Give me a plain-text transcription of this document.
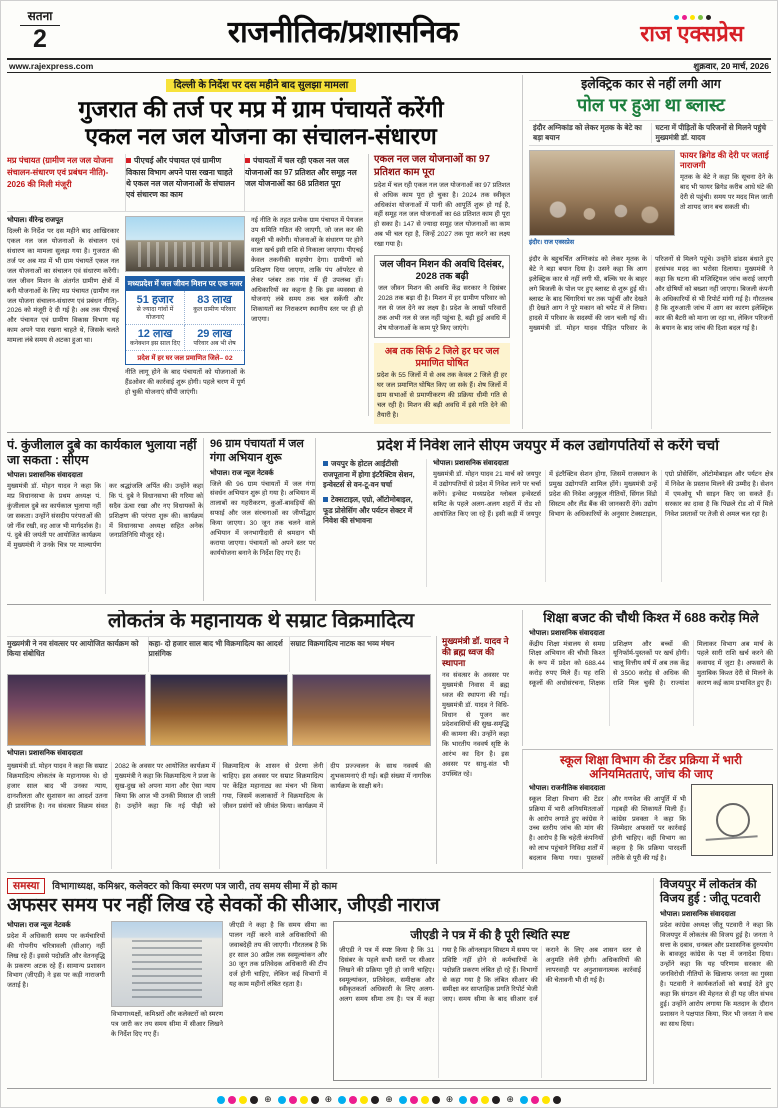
सतना
2	राजनीतिक/प्रशासनिक	राज एक्सप्रेस
www.rajexpress.com	शुक्रवार, 20 मार्च, 2026
दिल्ली के निर्देश पर दस महीने बाद सुलझा मामला
गुजरात की तर्ज पर मप्र में ग्राम पंचायतें करेंगी
एकल नल जल योजना का संचालन-संधारण
मप्र पंचायत (ग्रामीण नल जल योजना संचालन-संधारण एवं प्रबंधन नीति)- 2026 की मिली मंजूरी
पीएचई और पंचायत एवं ग्रामीण विकास विभाग अपने पास रखना चाहते थे एकल नल जल योजनाओं के संचालन एवं संधारण का काम
पंचायतों में चल रही एकल नल जल योजनाओं का 97 प्रतिशत और समूह नल जल योजनाओं का 68 प्रतिशत पूरा
भोपाल। वीरेन्द्र राजपूत
दिल्ली के निर्देश पर दस महीने बाद आखिरकार एकल नल जल योजनाओं के संचालन एवं संधारण का मामला सुलझ गया है। गुजरात की तर्ज पर अब मप्र में भी ग्राम पंचायतें एकल नल जल योजनाओं का संचालन एवं संधारण करेंगी। जल जीवन मिशन के अंतर्गत ग्रामीण क्षेत्रों में बनी योजनाओं के लिए मप्र पंचायत (ग्रामीण नल जल योजना संचालन-संधारण एवं प्रबंधन नीति)- 2026 को मंजूरी दे दी गई है। अब तक पीएचई और पंचायत एवं ग्रामीण विकास विभाग यह काम अपने पास रखना चाहते थे, जिसके चलते मामला लंबे समय से अटका हुआ था।
मध्यप्रदेश में जल जीवन मिशन पर एक नजर
51 हजार
से ज्यादा गांवों में योजनाएं
83 लाख
कुल ग्रामीण परिवार
12 लाख
कनेक्शन इस साल दिए
29 लाख
परिवार अब भी शेष
प्रदेश में हर घर जल प्रमाणित जिले– 02
नीति लागू होने के बाद पंचायतों को योजनाओं के हैंडओवर की कार्रवाई शुरू होगी। पहले चरण में पूर्ण हो चुकी योजनाएं सौंपी जाएंगी।
नई नीति के तहत प्रत्येक ग्राम पंचायत में पेयजल उप समिति गठित की जाएगी, जो जल कर की वसूली भी करेगी। योजनाओं के संधारण पर होने वाला खर्च इसी राशि से निकाला जाएगा। पीएचई केवल तकनीकी सहयोग देगा। ग्रामीणों को प्रशिक्षण दिया जाएगा, ताकि पंप ऑपरेटर से लेकर प्लंबर तक गांव में ही उपलब्ध हों। अधिकारियों का कहना है कि इस व्यवस्था से योजनाएं लंबे समय तक चल सकेंगी और शिकायतों का निराकरण स्थानीय स्तर पर ही हो जाएगा।
एकल नल जल योजनाओं का 97 प्रतिशत काम पूरा
प्रदेश में चल रही एकल नल जल योजनाओं का 97 प्रतिशत से अधिक काम पूरा हो चुका है। 2024 तक स्वीकृत अधिकांश योजनाओं में पानी की आपूर्ति शुरू हो गई है, वहीं समूह नल जल योजनाओं का 68 प्रतिशत काम ही पूरा हो सका है। 147 से ज्यादा समूह जल योजनाओं का काम अब भी चल रहा है, जिन्हें 2027 तक पूरा करने का लक्ष्य रखा गया है।
जल जीवन मिशन की अवधि दिसंबर, 2028 तक बढ़ी
जल जीवन मिशन की अवधि केंद्र सरकार ने दिसंबर 2028 तक बढ़ा दी है। मिशन में हर ग्रामीण परिवार को नल से जल देने का लक्ष्य है। प्रदेश के लाखों परिवारों तक अभी नल से जल नहीं पहुंचा है, बढ़ी हुई अवधि में शेष योजनाओं के काम पूरे किए जाएंगे।
अब तक सिर्फ 2 जिले हर घर जल प्रमाणित घोषित
प्रदेश के 55 जिलों में से अब तक केवल 2 जिले ही हर घर जल प्रमाणित घोषित किए जा सके हैं। शेष जिलों में ग्राम सभाओं से प्रमाणीकरण की प्रक्रिया धीमी गति से चल रही है। मिशन की बढ़ी अवधि में इसे गति देने की तैयारी है।
इलेक्ट्रिक कार से नहीं लगी आग
पोल पर हुआ था ब्लास्ट
इंदौर अग्निकांड को लेकर मृतक के बेटे का बड़ा बयान
घटना में पीड़ितों के परिजनों से मिलने पहुंचे मुख्यमंत्री डॉ. यादव
इंदौर। राज एक्सप्रेस
फायर ब्रिगेड की देरी पर जताई नाराजगी
मृतक के बेटे ने कहा कि सूचना देने के बाद भी फायर ब्रिगेड करीब आधे घंटे की देरी से पहुंची। समय पर मदद मिल जाती तो शायद जान बच सकती थी।
इंदौर के बहुचर्चित अग्निकांड को लेकर मृतक के बेटे ने बड़ा बयान दिया है। उसने कहा कि आग इलेक्ट्रिक कार से नहीं लगी थी, बल्कि घर के बाहर लगे बिजली के पोल पर हुए ब्लास्ट से शुरू हुई थी। ब्लास्ट के बाद चिंगारियां घर तक पहुंचीं और देखते ही देखते आग ने पूरे मकान को चपेट में ले लिया। हादसे में परिवार के सदस्यों की जान चली गई थी। मुख्यमंत्री डॉ. मोहन यादव पीड़ित परिवार के परिजनों से मिलने पहुंचे। उन्होंने ढांढस बंधाते हुए हरसंभव मदद का भरोसा दिलाया। मुख्यमंत्री ने कहा कि घटना की मजिस्ट्रियल जांच कराई जाएगी और दोषियों को बख्शा नहीं जाएगा। बिजली कंपनी के अधिकारियों से भी रिपोर्ट मांगी गई है। गौरतलब है कि शुरुआती जांच में आग का कारण इलेक्ट्रिक कार की बैटरी को माना जा रहा था, लेकिन परिजनों के बयान के बाद जांच की दिशा बदल गई है।
पं. कुंजीलाल दुबे का कार्यकाल भुलाया नहीं जा सकता : सीएम
भोपाल। प्रशासनिक संवाददाता
मुख्यमंत्री डॉ. मोहन यादव ने कहा कि मप्र विधानसभा के प्रथम अध्यक्ष पं. कुंजीलाल दुबे का कार्यकाल भुलाया नहीं जा सकता। उन्होंने संसदीय परंपराओं की जो नींव रखी, वह आज भी मार्गदर्शक है। पं. दुबे की जयंती पर आयोजित कार्यक्रम में मुख्यमंत्री ने उनके चित्र पर माल्यार्पण कर श्रद्धांजलि अर्पित की। उन्होंने कहा कि पं. दुबे ने विधानसभा की गरिमा को सदैव ऊंचा रखा और नए विधायकों के प्रशिक्षण की परंपरा शुरू की। कार्यक्रम में विधानसभा अध्यक्ष सहित अनेक जनप्रतिनिधि मौजूद रहे।
96 ग्राम पंचायतों में जल गंगा अभियान शुरू
भोपाल। राज न्यूज नेटवर्क
जिले की 96 ग्राम पंचायतों में जल गंगा संवर्धन अभियान शुरू हो गया है। अभियान में तालाबों का गहरीकरण, कुओं-बावड़ियों की सफाई और जल संरचनाओं का जीर्णोद्धार किया जाएगा। 30 जून तक चलने वाले अभियान में जनभागीदारी से श्रमदान भी कराया जाएगा। पंचायतों को अपने स्तर पर कार्ययोजना बनाने के निर्देश दिए गए हैं।
प्रदेश में निवेश लाने सीएम जयपुर में कल उद्योगपतियों से करेंगे चर्चा
जयपुर के होटल आईटीसी राजपूताना में होगा इंटरैक्टिव सेशन, इन्वेस्टर्स से वन-टू-वन चर्चा
टेक्सटाइल, एग्रो, ऑटोमोबाइल, फूड प्रोसेसिंग और पर्यटन सेक्टर में निवेश की संभावना
भोपाल। प्रशासनिक संवाददाता
मुख्यमंत्री डॉ. मोहन यादव 21 मार्च को जयपुर में उद्योगपतियों से प्रदेश में निवेश लाने पर चर्चा करेंगे। इन्वेस्ट मध्यप्रदेश ग्लोबल इन्वेस्टर्स समिट के पहले अलग-अलग शहरों में रोड शो आयोजित किए जा रहे हैं। इसी कड़ी में जयपुर में इंटरैक्टिव सेशन होगा, जिसमें राजस्थान के प्रमुख उद्योगपति शामिल होंगे। मुख्यमंत्री उन्हें प्रदेश की निवेश अनुकूल नीतियों, सिंगल विंडो सिस्टम और लैंड बैंक की जानकारी देंगे। उद्योग विभाग के अधिकारियों के अनुसार टेक्सटाइल, एग्रो प्रोसेसिंग, ऑटोमोबाइल और पर्यटन क्षेत्र में निवेश के प्रस्ताव मिलने की उम्मीद है। सेशन में एमओयू भी साइन किए जा सकते हैं। सरकार का दावा है कि पिछले रोड शो में मिले निवेश प्रस्तावों पर तेजी से अमल चल रहा है।
लोकतंत्र के महानायक थे सम्राट विक्रमादित्य
मुख्यमंत्री ने नव संवत्सर पर आयोजित कार्यक्रम को किया संबोधित
कहा- दो हजार साल बाद भी विक्रमादित्य का आदर्श प्रासंगिक
सम्राट विक्रमादित्य नाटक का भव्य मंचन
भोपाल। प्रशासनिक संवाददाता
मुख्यमंत्री डॉ. मोहन यादव ने कहा कि सम्राट विक्रमादित्य लोकतंत्र के महानायक थे। दो हजार साल बाद भी उनका न्याय, दानशीलता और सुशासन का आदर्श उतना ही प्रासंगिक है। नव संवत्सर विक्रम संवत 2082 के अवसर पर आयोजित कार्यक्रम में मुख्यमंत्री ने कहा कि विक्रमादित्य ने प्रजा के सुख-दुख को अपना माना और ऐसा न्याय किया कि आज भी उनकी मिसाल दी जाती है। उन्होंने कहा कि नई पीढ़ी को विक्रमादित्य के शासन से प्रेरणा लेनी चाहिए। इस अवसर पर सम्राट विक्रमादित्य पर केंद्रित महानाट्य का मंचन भी किया गया, जिसमें कलाकारों ने विक्रमादित्य के जीवन प्रसंगों को जीवंत किया। कार्यक्रम में दीप प्रज्ज्वलन के साथ नववर्ष की शुभकामनाएं दी गईं। बड़ी संख्या में नागरिक कार्यक्रम के साक्षी बने।
मुख्यमंत्री डॉ. यादव ने की ब्रह्म ध्वज की स्थापना
नव संवत्सर के अवसर पर मुख्यमंत्री निवास में ब्रह्म ध्वज की स्थापना की गई। मुख्यमंत्री डॉ. यादव ने विधि-विधान से पूजन कर प्रदेशवासियों की सुख-समृद्धि की कामना की। उन्होंने कहा कि भारतीय नववर्ष सृष्टि के आरंभ का दिन है। इस अवसर पर साधु-संत भी उपस्थित रहे।
शिक्षा बजट की चौथी किश्त में 688 करोड़ मिले
भोपाल। प्रशासनिक संवाददाता
केंद्रीय शिक्षा मंत्रालय से समग्र शिक्षा अभियान की चौथी किश्त के रूप में प्रदेश को 688.44 करोड़ रुपए मिले हैं। यह राशि स्कूलों की अधोसंरचना, शिक्षक प्रशिक्षण और बच्चों की यूनिफॉर्म-पुस्तकों पर खर्च होगी। चालू वित्तीय वर्ष में अब तक केंद्र से 3500 करोड़ से अधिक की राशि मिल चुकी है। राज्यांश मिलाकर विभाग अब मार्च के पहले सारी राशि खर्च करने की कवायद में जुटा है। अफसरों के मुताबिक किश्त देरी से मिलने के कारण कई काम प्रभावित हुए हैं।
स्कूल शिक्षा विभाग की टेंडर प्रक्रिया में भारी अनियमितताएं, जांच की जाए
भोपाल। राजनीतिक संवाददाता
स्कूल शिक्षा विभाग की टेंडर प्रक्रिया में भारी अनियमितताओं के आरोप लगाते हुए कांग्रेस ने उच्च स्तरीय जांच की मांग की है। आरोप है कि चहेती कंपनियों को लाभ पहुंचाने निविदा शर्तों में बदलाव किया गया। पुस्तकों और गणवेश की आपूर्ति में भी गड़बड़ी की शिकायतें मिली हैं। कांग्रेस प्रवक्ता ने कहा कि जिम्मेदार अफसरों पर कार्रवाई होनी चाहिए। वहीं विभाग का कहना है कि प्रक्रिया पारदर्शी तरीके से पूरी की गई है।
समस्या	विभागाध्यक्ष, कमिश्नर, कलेक्टर को किया स्मरण पत्र जारी, तय समय सीमा में हो काम
अफसर समय पर नहीं लिख रहे सेवकों की सीआर, जीएडी नाराज
भोपाल। राज न्यूज नेटवर्क
प्रदेश में अधिकारी समय पर कर्मचारियों की गोपनीय चरित्रावली (सीआर) नहीं लिख रहे हैं। इससे पदोन्नति और वेतनवृद्धि के प्रकरण अटक रहे हैं। सामान्य प्रशासन विभाग (जीएडी) ने इस पर कड़ी नाराजगी जताई है।
विभागाध्यक्षों, कमिश्नरों और कलेक्टरों को स्मरण पत्र जारी कर तय समय सीमा में सीआर लिखने के निर्देश दिए गए हैं।
जीएडी ने कहा है कि समय सीमा का पालन नहीं करने वाले अधिकारियों की जवाबदेही तय की जाएगी। गौरतलब है कि हर साल 30 अप्रैल तक स्वमूल्यांकन और 30 जून तक प्रतिवेदक अधिकारी की टीप दर्ज होनी चाहिए, लेकिन कई विभागों में यह काम महीनों लंबित रहता है।
जीएडी ने पत्र में की है पूरी स्थिति स्पष्ट
जीएडी ने पत्र में स्पष्ट किया है कि 31 दिसंबर के पहले सभी स्तरों पर सीआर लिखने की प्रक्रिया पूरी हो जानी चाहिए। स्वमूल्यांकन, प्रतिवेदक, समीक्षक और स्वीकृतकर्ता अधिकारी के लिए अलग-अलग समय सीमा तय है। पत्र में कहा गया है कि ऑनलाइन सिस्टम में समय पर प्रविष्टि नहीं होने से कर्मचारियों के पदोन्नति प्रकरण लंबित हो रहे हैं। विभागों से कहा गया है कि लंबित सीआर की समीक्षा कर साप्ताहिक प्रगति रिपोर्ट भेजी जाए। समय सीमा के बाद सीआर दर्ज कराने के लिए अब शासन स्तर से अनुमति लेनी होगी। अधिकारियों की लापरवाही पर अनुशासनात्मक कार्रवाई की चेतावनी भी दी गई है।
विजयपुर में लोकतंत्र की विजय हुई : जीतू पटवारी
भोपाल। प्रशासनिक संवाददाता
प्रदेश कांग्रेस अध्यक्ष जीतू पटवारी ने कहा कि विजयपुर में लोकतंत्र की विजय हुई है। जनता ने सत्ता के दबाव, धनबल और प्रशासनिक दुरुपयोग के बावजूद कांग्रेस के पक्ष में जनादेश दिया। उन्होंने कहा कि यह परिणाम सरकार की जनविरोधी नीतियों के खिलाफ जनता का गुस्सा है। पटवारी ने कार्यकर्ताओं को बधाई देते हुए कहा कि संगठन की मेहनत से ही यह जीत संभव हुई। उन्होंने आरोप लगाया कि मतदान के दौरान प्रशासन ने पक्षपात किया, फिर भी जनता ने सच का साथ दिया।
⊕	⊕	⊕	⊕	⊕
